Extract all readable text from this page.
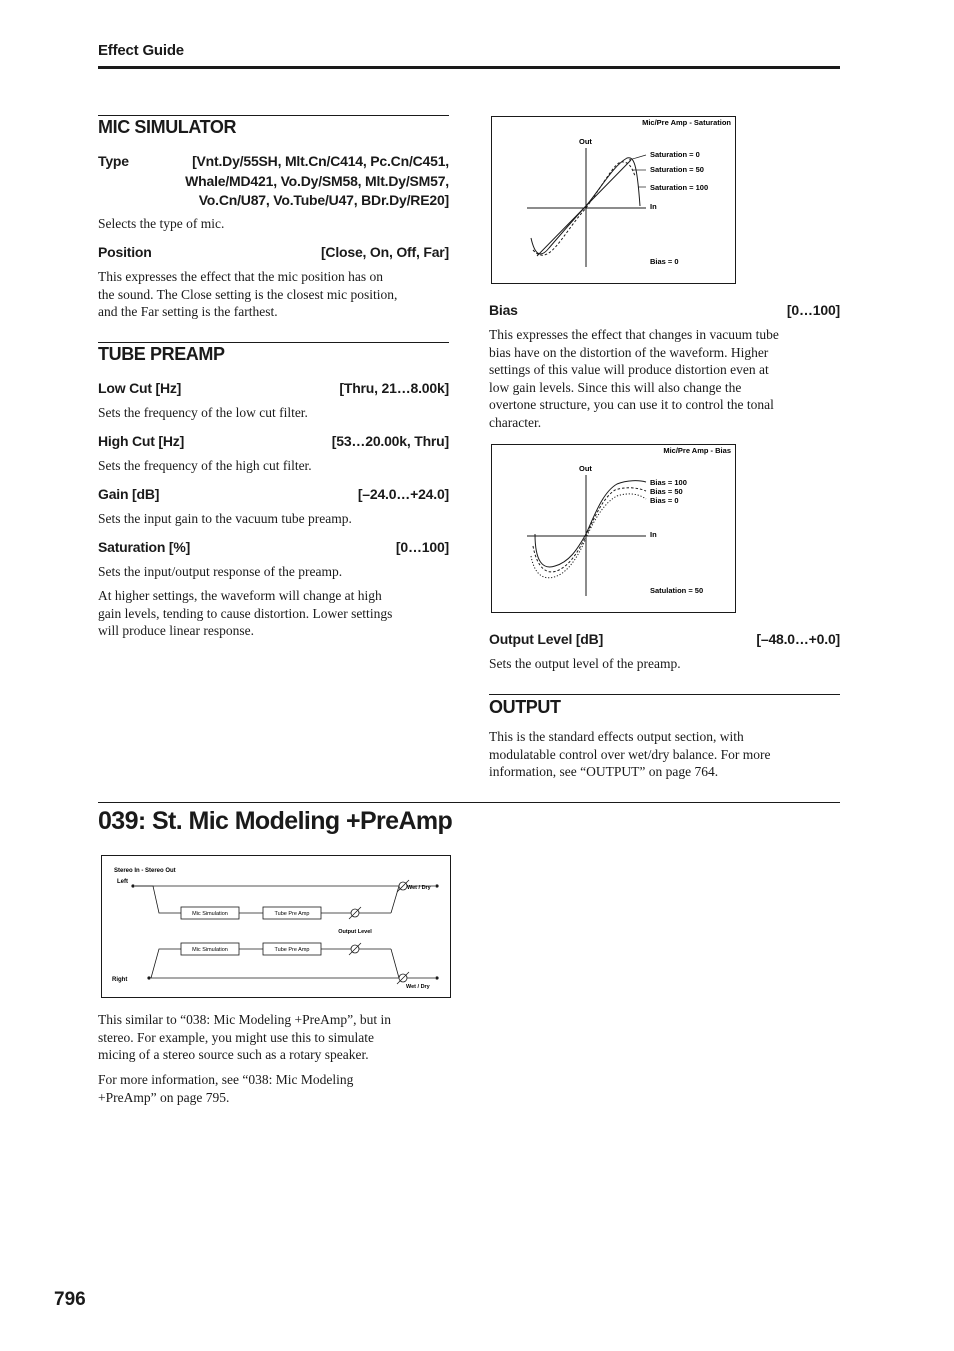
Effect Guide
MIC SIMULATOR
Type	[Vnt.Dy/55SH, Mlt.Cn/C414, Pc.Cn/C451,
Whale/MD421, Vo.Dy/SM58, Mlt.Dy/SM57,
Vo.Cn/U87, Vo.Tube/U47, BDr.Dy/RE20]
Selects the type of mic.
Position	[Close, On, Off, Far]
This expresses the effect that the mic position has on
the sound. The Close setting is the closest mic position,
and the Far setting is the farthest.
TUBE PREAMP
Low Cut [Hz]	[Thru, 21…8.00k]
Sets the frequency of the low cut filter.
High Cut [Hz]	[53…20.00k, Thru]
Sets the frequency of the high cut filter.
Gain [dB]	[–24.0…+24.0]
Sets the input gain to the vacuum tube preamp.
Saturation [%]	[0…100]
Sets the input/output response of the preamp.
At higher settings, the waveform will change at high
gain levels, tending to cause distortion. Lower settings
will produce linear response.
Mic/Pre Amp - Saturation
Out
In
Saturation = 0
Saturation = 50
Saturation = 100
Bias = 0
Bias	[0…100]
This expresses the effect that changes in vacuum tube
bias have on the distortion of the waveform. Higher
settings of this value will produce distortion even at
low gain levels. Since this will also change the
overtone structure, you can use it to control the tonal
character.
Mic/Pre Amp - Bias
Out
In
Bias = 100
Bias = 50
Bias = 0
Satulation = 50
Output Level [dB]	[–48.0…+0.0]
Sets the output level of the preamp.
OUTPUT
This is the standard effects output section, with
modulatable control over wet/dry balance. For more
information, see “OUTPUT” on page 764.
039: St. Mic Modeling +PreAmp
Stereo In - Stereo Out
Left
Right
Mic Simulation	Tube Pre Amp
Wet / Dry
Output Level
Mic Simulation	Tube Pre Amp
Wet / Dry
This similar to “038: Mic Modeling +PreAmp”, but in
stereo. For example, you might use this to simulate
micing of a stereo source such as a rotary speaker.
For more information, see “038: Mic Modeling
+PreAmp” on page 795.
796
